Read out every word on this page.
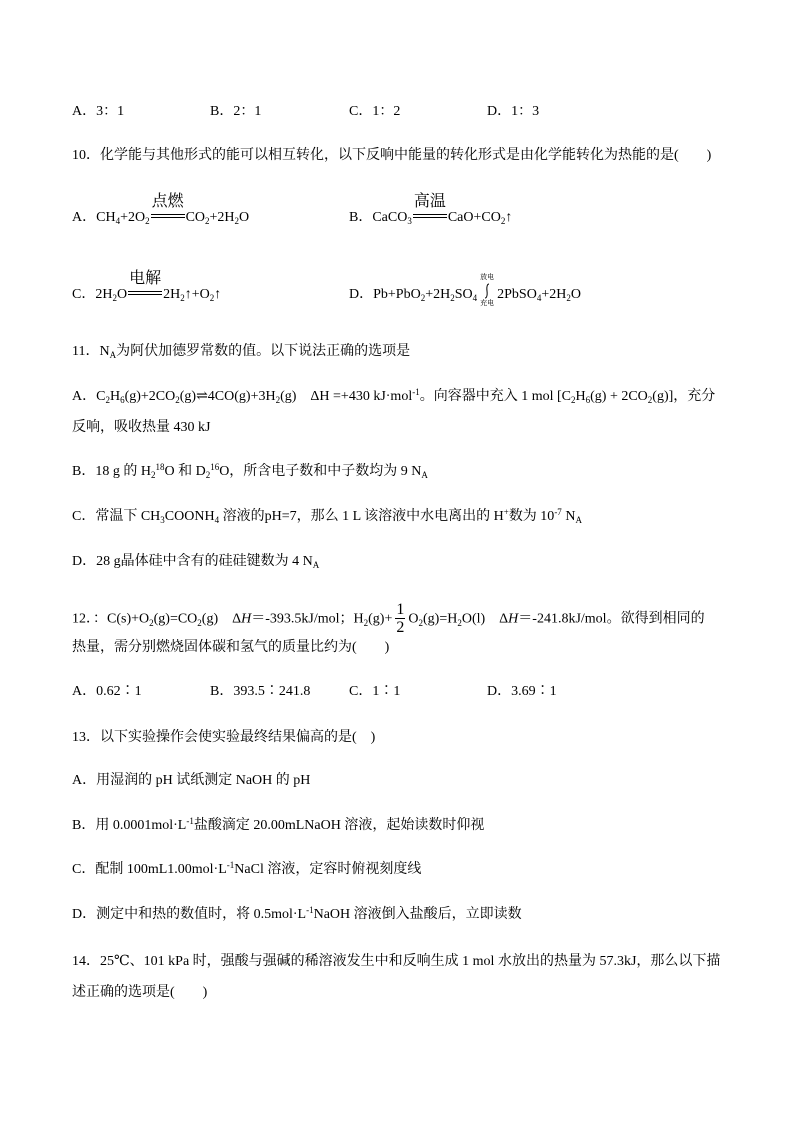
A．3：1	B．2：1	C．1：2	D．1：3
10．化学能与其他形式的能可以相互转化，以下反响中能量的转化形式是由化学能转化为热能的是(　　)
A．$CH_4+2O_2$
点燃
$CO_2+2H_2O$	B．CaCO$_3$
高温
$CaO+CO_2↑$
C．$2H_2O$
电解
$2H_2↑+O_2↑$	D．$Pb+PbO_2+2H_2SO_4$
放电
充电
$2PbSO_4+2H_2O$
11．$N_A$为阿伏加德罗常数的值。以下说法正确的选项是
A．$C_2H_6(g)+2CO_2(g)\rightleftharpoons 4CO(g)+3H_2(g)$　ΔH =+430 kJ·mol$^{-1}$。向容器中充入 1 mol $[C_2H_6(g) + 2CO_2(g)]$，充分
反响，吸收热量 430 kJ
B．18 g 的 $H_2^{18}O$ 和 $D_2^{16}O$，所含电子数和中子数均为 9 $N_A$
C．常温下 $CH_3COONH_4$ 溶液的pH=7，那么 1 L 该溶液中水电离出的 H+数为 $10^{-7}$ $N_A$
D．28 g晶体硅中含有的硅硅键数为 4 $N_A$
12．：$C(s)+O_2(g)=CO_2(g)$　ΔH＝-393.5kJ/mol；$H_2(g)+ \frac{1}{2} O_2(g)=H_2O(l)$　ΔH＝-241.8kJ/mol。欲得到相同的
热量，需分别燃烧固体碳和氢气的质量比约为(　　)
A．0.62∶1	B．393.5∶241.8	C．1∶1	D．3.69∶1
13．以下实验操作会使实验最终结果偏高的是(　)
A．用湿润的 pH 试纸测定 NaOH 的 pH
B．用 $0.0001mol\cdot L^{-1}$盐酸滴定 20.00mLNaOH 溶液，起始读数时仰视
C．配制 $100mL1.00mol\cdot L^{-1}NaCl$ 溶液，定容时俯视刻度线
D．测定中和热的数值时，将 $0.5mol\cdot L^{-1}NaOH$ 溶液倒入盐酸后，立即读数
14．25℃、101 kPa 时，强酸与强碱的稀溶液发生中和反响生成 1 mol 水放出的热量为 57.3kJ，那么以下描
述正确的选项是(　　)
